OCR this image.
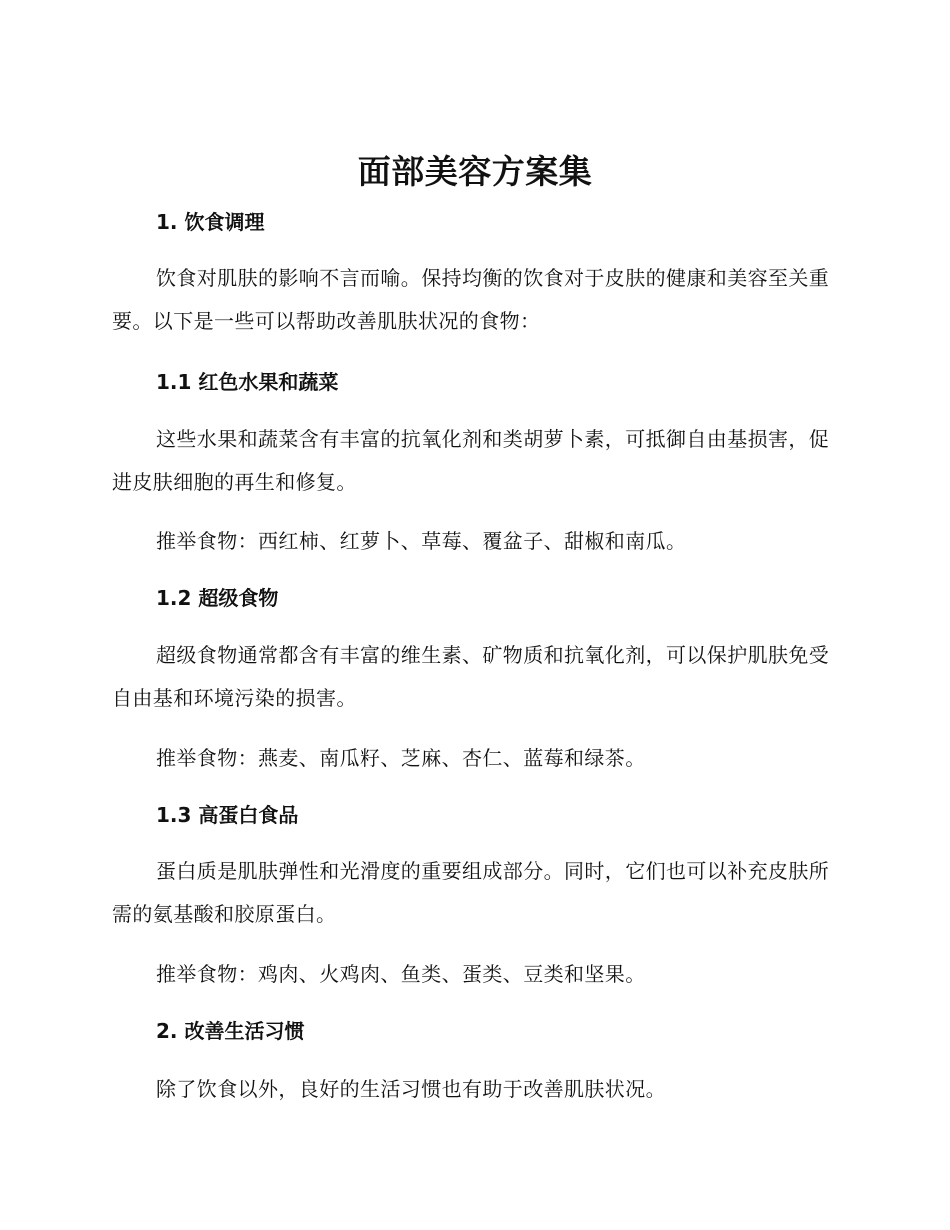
面部美容方案集
1. 饮食调理

饮食对肌肤的影响不言而喻。保持均衡的饮食对于皮肤的健康和美容至关重要。以下是一些可以帮助改善肌肤状况的食物：

1.1 红色水果和蔬菜

这些水果和蔬菜含有丰富的抗氧化剂和类胡萝卜素，可抵御自由基损害，促进皮肤细胞的再生和修复。

推举食物：西红柿、红萝卜、草莓、覆盆子、甜椒和南瓜。

1.2 超级食物

超级食物通常都含有丰富的维生素、矿物质和抗氧化剂，可以保护肌肤免受自由基和环境污染的损害。

推举食物：燕麦、南瓜籽、芝麻、杏仁、蓝莓和绿茶。

1.3 高蛋白食品

蛋白质是肌肤弹性和光滑度的重要组成部分。同时，它们也可以补充皮肤所需的氨基酸和胶原蛋白。

推举食物：鸡肉、火鸡肉、鱼类、蛋类、豆类和坚果。

2. 改善生活习惯

除了饮食以外，良好的生活习惯也有助于改善肌肤状况。
